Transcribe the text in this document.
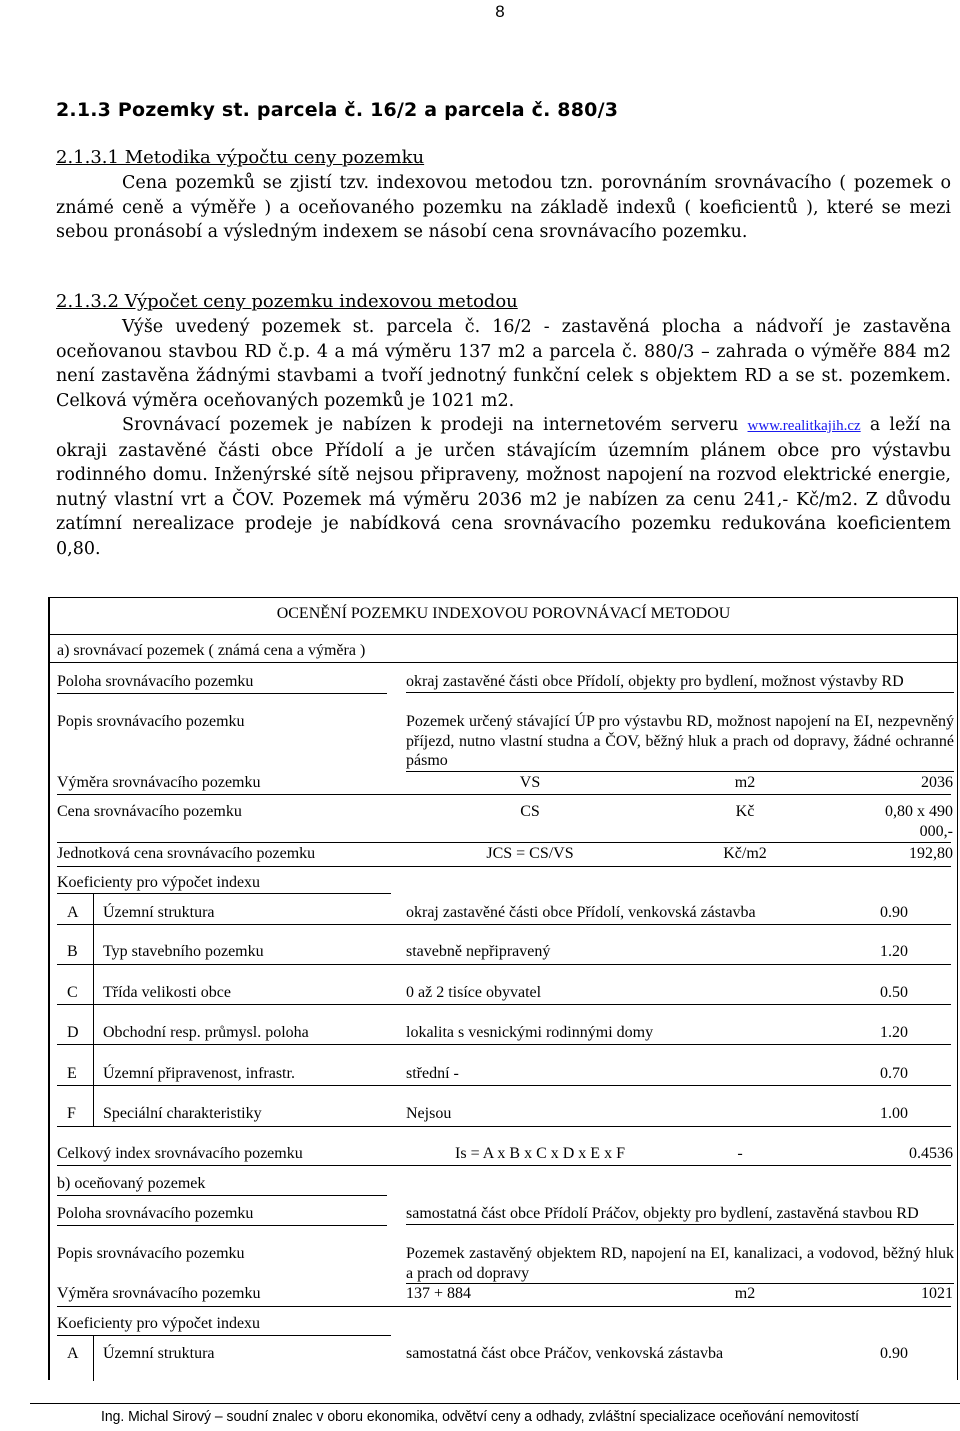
8
2.1.3 Pozemky st. parcela č. 16/2 a parcela č. 880/3
2.1.3.1 Metodika výpočtu ceny pozemku

Cena pozemků se zjistí tzv. indexovou metodou tzn. porovnáním srovnávacího ( pozemek o známé ceně a výměře ) a oceňovaného pozemku na základě indexů ( koeficientů ), které se mezi sebou pronásobí a výsledným indexem se násobí cena srovnávacího pozemku.

2.1.3.2 Výpočet ceny pozemku indexovou metodou

Výše uvedený pozemek st. parcela č. 16/2 - zastavěná plocha a nádvoří je zastavěna oceňovanou stavbou RD č.p. 4 a má výměru 137 m2 a parcela č. 880/3 – zahrada o výměře 884 m2 není zastavěna žádnými stavbami a tvoří jednotný funkční celek s objektem RD a se st. pozemkem. Celková výměra oceňovaných pozemků je 1021 m2.

Srovnávací pozemek je nabízen k prodeji na internetovém serveru www.realitkajih.cz a leží na okraji zastavěné části obce Přídolí a je určen stávajícím územním plánem obce pro výstavbu rodinného domu. Inženýrské sítě nejsou připraveny, možnost napojení na rozvod elektrické energie, nutný vlastní vrt a ČOV. Pozemek má výměru 2036 m2 je nabízen za cenu 241,- Kč/m2. Z důvodu zatímní nerealizace prodeje je nabídková cena srovnávacího pozemku redukována koeficientem 0,80.

OCENĚNÍ POZEMKU INDEXOVOU POROVNÁVACÍ METODOU
a) srovnávací pozemek ( známá cena a výměra )
Poloha srovnávacího pozemku	okraj zastavěné části obce Přídolí, objekty pro bydlení, možnost výstavby RD
Popis srovnávacího pozemku	Pozemek určený stávající ÚP pro výstavbu RD, možnost napojení na EI, nezpevněný příjezd, nutno vlastní studna a ČOV, běžný hluk a prach od dopravy, žádné ochranné pásmo
Výměra srovnávacího pozemku	VS	m2	2036
Cena srovnávacího pozemku	CS	Kč	0,80 x 490
000,-
Jednotková cena srovnávacího pozemku	JCS = CS/VS	Kč/m2	192,80
Koeficienty pro výpočet indexu
A Územní struktura	okraj zastavěné části obce Přídolí, venkovská zástavba	0.90
B Typ stavebního pozemku	stavebně nepřipravený	1.20
C Třída velikosti obce	0 až 2 tisíce obyvatel	0.50
D Obchodní resp. průmysl. poloha	lokalita s vesnickými rodinnými domy	1.20
E Územní připravenost, infrastr.	střední -	0.70
F Speciální charakteristiky	Nejsou	1.00
Celkový index srovnávacího pozemku	Is = A x B x C x D x E x F	-	0.4536
b) oceňovaný pozemek
Poloha srovnávacího pozemku	samostatná část obce Přídolí Práčov, objekty pro bydlení, zastavěná stavbou RD
Popis srovnávacího pozemku	Pozemek zastavěný objektem RD, napojení na EI, kanalizaci, a vodovod, běžný hluk a prach od dopravy
Výměra srovnávacího pozemku	137 + 884	m2	1021
Koeficienty pro výpočet indexu
A Územní struktura	samostatná část obce Práčov, venkovská zástavba	0.90
Ing. Michal Sirový – soudní znalec v oboru ekonomika, odvětví ceny a odhady, zvláštní specializace oceňování nemovitostí
